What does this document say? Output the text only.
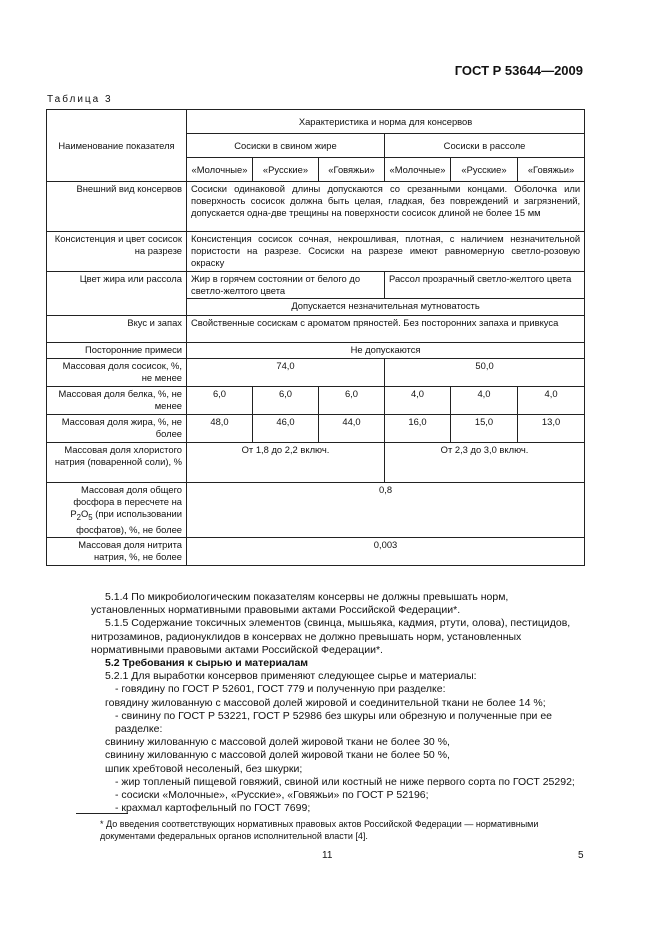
ГОСТ Р 53644—2009
Таблица 3
Наименование показателя	Характеристика и норма для консервов					
	Сосиски в свином жире			Сосиски в рассоле		
	«Молочные»	«Русские»	«Говяжьи»	«Молочные»	«Русские»	«Говяжьи»
Внешний вид консервов	Сосиски одинаковой длины допускаются со срезанными концами. Оболочка или поверхность сосисок должна быть целая, гладкая, без повреждений и загрязнений, допускается одна-две трещины на поверхности сосисок длиной не более 15 мм					
Консистенция и цвет сосисок на разрезе	Консистенция сосисок сочная, некрошливая, плотная, с наличием незначительной пористости на разрезе. Сосиски на разрезе имеют равномерную светло-розовую окраску					
Цвет жира или рассола	Жир в горячем состоянии от белого до светло-желтого цвета			Рассол прозрачный светло-желтого цвета		
	Допускается незначительная мутноватость					
Вкус и запах	Свойственные сосискам с ароматом пряностей. Без посторонних запаха и привкуса					
Посторонние примеси	Не допускаются					
Массовая доля сосисок, %, не менее	74,0			50,0		
Массовая доля белка, %, не менее	6,0	6,0	6,0	4,0	4,0	4,0
Массовая доля жира, %, не более	48,0	46,0	44,0	16,0	15,0	13,0
Массовая доля хлористого натрия (поваренной соли), %	От 1,8 до 2,2 включ.			От 2,3 до 3,0 включ.		
Массовая доля общего фосфора в пересчете на $P_2O_5$ (при использовании фосфатов), %, не более	0,8					
Массовая доля нитрита натрия, %, не более	0,003					

5.1.4 По микробиологическим показателям консервы не должны превышать норм, установленных нормативными правовыми актами Российской Федерации*.

5.1.5 Содержание токсичных элементов (свинца, мышьяка, кадмия, ртути, олова), пестицидов, нитрозаминов, радионуклидов в консервах не должно превышать норм, установленных нормативными правовыми актами Российской Федерации*.

5.2 Требования к сырью и материалам

5.2.1 Для выработки консервов применяют следующее сырье и материалы:

- говядину по ГОСТ Р 52601, ГОСТ 779 и полученную при разделке:

говядину жилованную с массовой долей жировой и соединительной ткани не более 14 %;

- свинину по ГОСТ Р 53221, ГОСТ Р 52986 без шкуры или обрезную и полученные при ее разделке:

свинину жилованную с массовой долей жировой ткани не более 30 %,

свинину жилованную с массовой долей жировой ткани не более 50 %,

шпик хребтовой несоленый, без шкурки;

- жир топленый пищевой говяжий, свиной или костный не ниже первого сорта по ГОСТ 25292;

- сосиски «Молочные», «Русские», «Говяжьи» по ГОСТ Р 52196;

- крахмал картофельный по ГОСТ 7699;

* До введения соответствующих нормативных правовых актов Российской Федерации — нормативными документами федеральных органов исполнительной власти [4].
11	5
